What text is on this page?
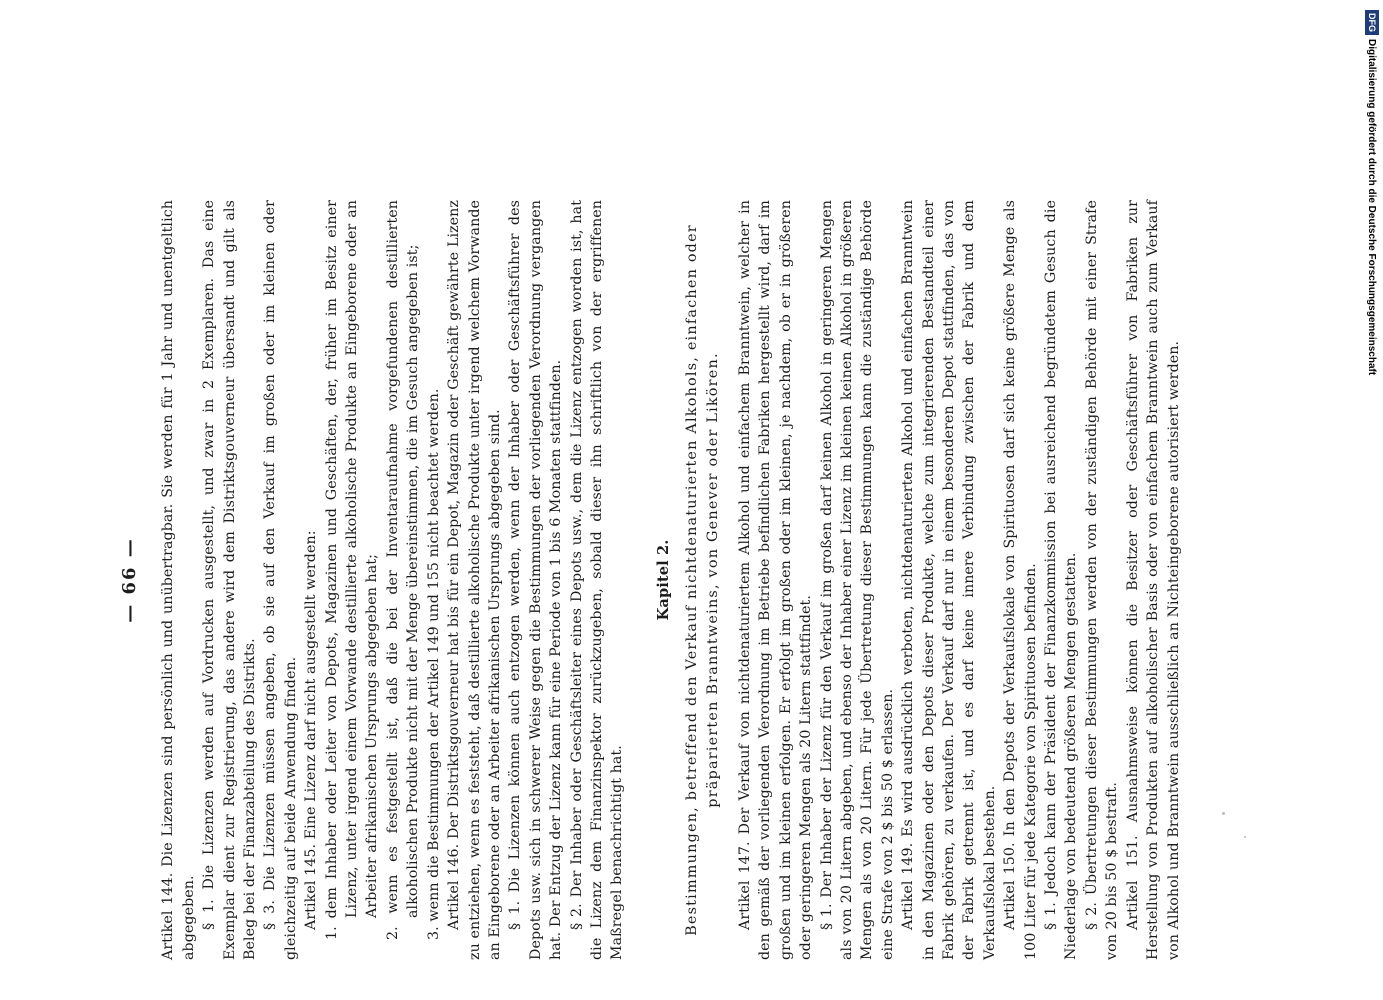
— 66 — Artikel 144. Die Lizenzen sind persönlich und unübertragbar. Sie werden für 1 Jahr und unentgeltlich abgegeben. § 1. Die Lizenzen werden auf Vordrucken ausgestellt, und zwar in 2 Exemplaren. Das eine Exemplar dient zur Registrierung, das andere wird dem Distriktsgouverneur übersandt und gilt als Beleg bei der Finanzabteilung des Distrikts. § 3. Die Lizenzen müssen angeben, ob sie auf den Verkauf im großen oder im kleinen oder gleichzeitig auf beide Anwendung finden. Artikel 145. Eine Lizenz darf nicht ausgestellt werden: 1. dem Inhaber oder Leiter von Depots, Magazinen und Geschäften, der, früher im Besitz einer Lizenz, unter irgend einem Vorwande destillierte alkoholische Produkte an Eingeborene oder an Arbeiter afrikanischen Ursprungs abgegeben hat; 2. wenn es festgestellt ist, daß die bei der Inventaraufnahme vorgefundenen destillierten alkoholischen Produkte nicht mit der Menge übereinstimmen, die im Gesuch angegeben ist; 3. wenn die Bestimmungen der Artikel 149 und 155 nicht beachtet werden. Artikel 146. Der Distriktsgouverneur hat bis für ein Depot, Magazin oder Geschäft gewährte Lizenz zu entziehen, wenn es feststeht, daß destillierte alkoholische Produkte unter irgend welchem Vorwande an Eingeborene oder an Arbeiter afrikanischen Ursprungs abgegeben sind. § 1. Die Lizenzen können auch entzogen werden, wenn der Inhaber oder Geschäftsführer des Depots usw. sich in schwerer Weise gegen die Bestimmungen der vorliegenden Verordnung vergangen hat. Der Entzug der Lizenz kann für eine Periode von 1 bis 6 Monaten stattfinden. § 2. Der Inhaber oder Geschäftsleiter eines Depots usw., dem die Lizenz entzogen worden ist, hat die Lizenz dem Finanzinspektor zurückzugeben, sobald dieser ihn schriftlich von der ergriffenen Maßregel benachrichtigt hat.

Kapitel 2. Bestimmungen, betreffend den Verkauf nichtdenaturierten Alkohols, einfachen oder präparierten Branntweins, von Genever oder Likören. Artikel 147. Der Verkauf von nichtdenaturiertem Alkohol und einfachem Branntwein, welcher in den gemäß der vorliegenden Verordnung im Betriebe befindlichen Fabriken hergestellt wird, darf im großen und im kleinen erfolgen. Er erfolgt im großen oder im kleinen, je nachdem, ob er in größeren oder geringeren Mengen als 20 Litern stattfindet. § 1. Der Inhaber der Lizenz für den Verkauf im großen darf keinen Alkohol in geringeren Mengen als von 20 Litern abgeben, und ebenso der Inhaber einer Lizenz im kleinen keinen Alkohol in größeren Mengen als von 20 Litern. Für jede Übertretung dieser Bestimmungen kann die zuständige Behörde eine Strafe von 2 $ bis 50 $ erlassen. Artikel 149. Es wird ausdrücklich verboten, nichtdenaturierten Alkohol und einfachen Branntwein in den Magazinen oder den Depots dieser Produkte, welche zum integrierenden Bestandteil einer Fabrik gehören, zu verkaufen. Der Verkauf darf nur in einem besonderen Depot stattfinden, das von der Fabrik getrennt ist, und es darf keine innere Verbindung zwischen der Fabrik und dem Verkaufslokal bestehen. Artikel 150. In den Depots der Verkaufslokale von Spirituosen darf sich keine größere Menge als 100 Liter für jede Kategorie von Spirituosen befinden. § 1. Jedoch kann der Präsident der Finanzkommission bei ausreichend begründetem Gesuch die Niederlage von bedeutend größeren Mengen gestatten. § 2. Übertretungen dieser Bestimmungen werden von der zuständigen Behörde mit einer Strafe von 20 bis 50 $ bestraft. Artikel 151. Ausnahmsweise können die Besitzer oder Geschäftsführer von Fabriken zur Herstellung von Produkten auf alkoholischer Basis oder von einfachem Branntwein auch zum Verkauf von Alkohol und Branntwein ausschließlich an Nichteingeborene autorisiert werden.

DFGDigitalisierung gefördert durch die Deutsche Forschungsgemeinschaft
